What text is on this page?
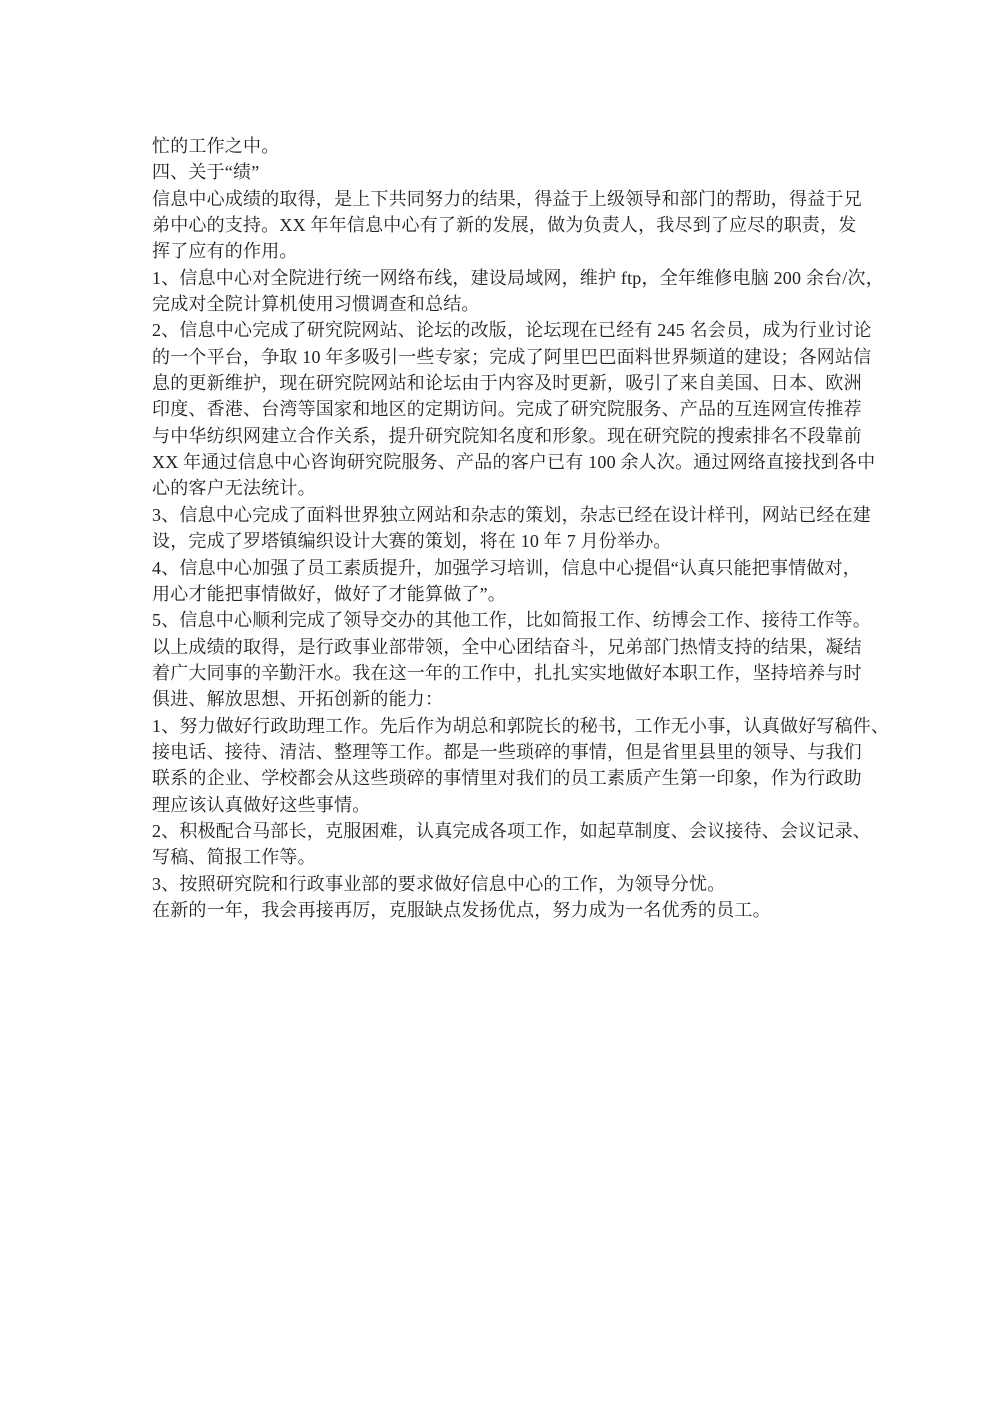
忙的工作之中。
四、关于“绩”
信息中心成绩的取得，是上下共同努力的结果，得益于上级领导和部门的帮助，得益于兄
弟中心的支持。XX 年年信息中心有了新的发展，做为负责人，我尽到了应尽的职责，发
挥了应有的作用。
1、信息中心对全院进行统一网络布线，建设局域网，维护 ftp，全年维修电脑 200 余台/次，
完成对全院计算机使用习惯调查和总结。
2、信息中心完成了研究院网站、论坛的改版，论坛现在已经有 245 名会员，成为行业讨论
的一个平台，争取 10 年多吸引一些专家；完成了阿里巴巴面料世界频道的建设；各网站信
息的更新维护，现在研究院网站和论坛由于内容及时更新，吸引了来自美国、日本、欧洲
印度、香港、台湾等国家和地区的定期访问。完成了研究院服务、产品的互连网宣传推荐
与中华纺织网建立合作关系，提升研究院知名度和形象。现在研究院的搜索排名不段靠前
XX 年通过信息中心咨询研究院服务、产品的客户已有 100 余人次。通过网络直接找到各中
心的客户无法统计。
3、信息中心完成了面料世界独立网站和杂志的策划，杂志已经在设计样刊，网站已经在建
设，完成了罗塔镇编织设计大赛的策划，将在 10 年 7 月份举办。
4、信息中心加强了员工素质提升，加强学习培训，信息中心提倡“认真只能把事情做对，
用心才能把事情做好，做好了才能算做了”。
5、信息中心顺利完成了领导交办的其他工作，比如简报工作、纺博会工作、接待工作等。
以上成绩的取得，是行政事业部带领，全中心团结奋斗，兄弟部门热情支持的结果，凝结
着广大同事的辛勤汗水。我在这一年的工作中，扎扎实实地做好本职工作，坚持培养与时
俱进、解放思想、开拓创新的能力：
1、努力做好行政助理工作。先后作为胡总和郭院长的秘书，工作无小事，认真做好写稿件、
接电话、接待、清洁、整理等工作。都是一些琐碎的事情，但是省里县里的领导、与我们
联系的企业、学校都会从这些琐碎的事情里对我们的员工素质产生第一印象，作为行政助
理应该认真做好这些事情。
2、积极配合马部长，克服困难，认真完成各项工作，如起草制度、会议接待、会议记录、
写稿、简报工作等。
3、按照研究院和行政事业部的要求做好信息中心的工作，为领导分忧。
在新的一年，我会再接再厉，克服缺点发扬优点，努力成为一名优秀的员工。
